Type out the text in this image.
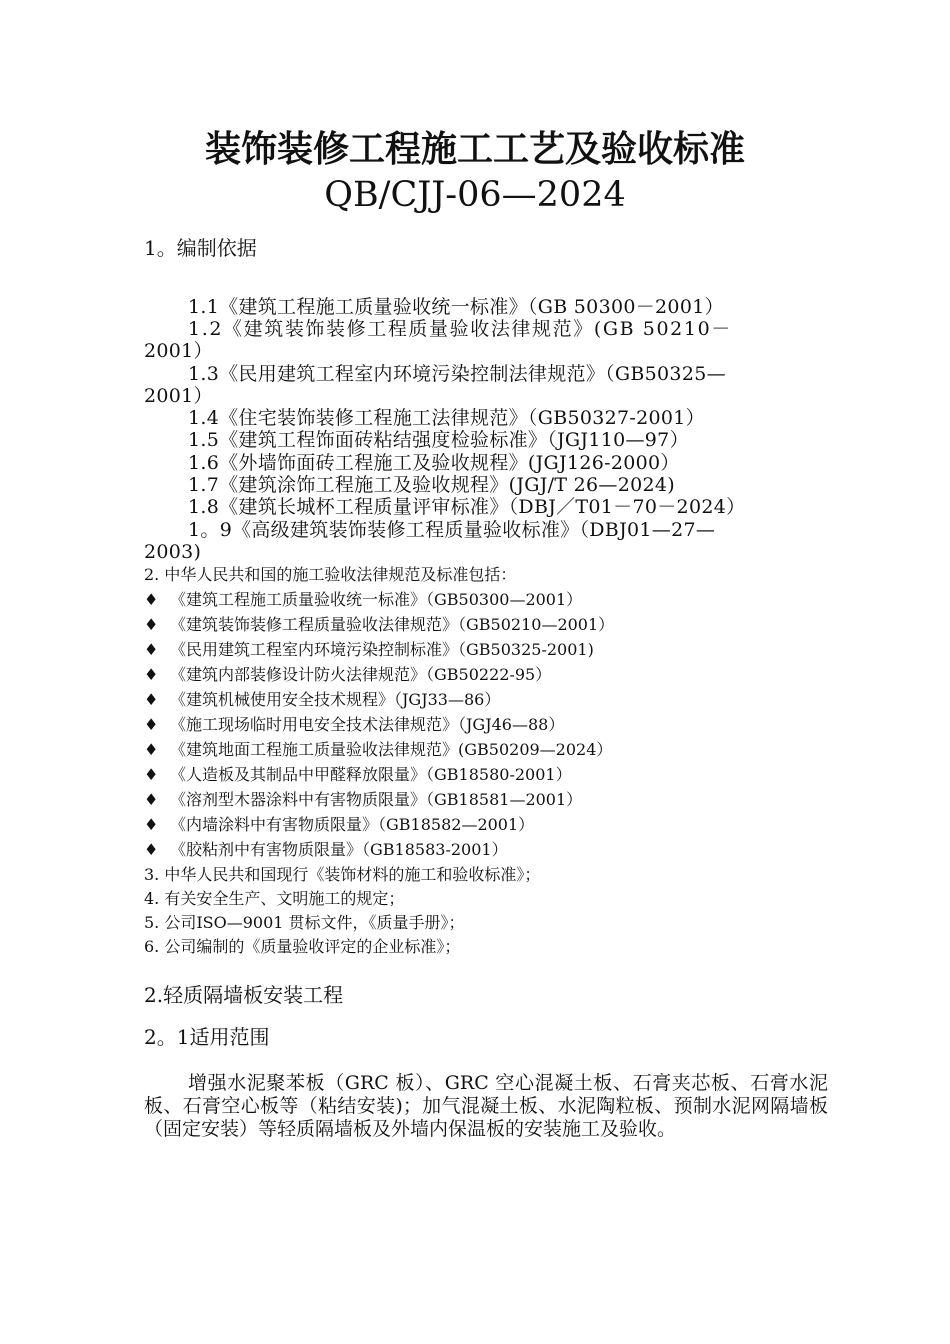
装饰装修工程施工工艺及验收标准
QB/CJJ-06—2024
1。编制依据
1.1《建筑工程施工质量验收统一标准》（GB 50300－2001）
1.2《建筑装饰装修工程质量验收法律规范》(GB 50210－
2001）
1.3《民用建筑工程室内环境污染控制法律规范》（GB50325—
2001）
1.4《住宅装饰装修工程施工法律规范》（GB50327-2001）
1.5《建筑工程饰面砖粘结强度检验标准》（JGJ110—97）
1.6《外墙饰面砖工程施工及验收规程》(JGJ126-2000）
1.7《建筑涂饰工程施工及验收规程》(JGJ/T 26—2024)
1.8《建筑长城杯工程质量评审标准》（DBJ／T01－70－2024）
1。9《高级建筑装饰装修工程质量验收标准》（DBJ01—27—
2003)
2. 中华人民共和国的施工验收法律规范及标准包括：
♦ 《建筑工程施工质量验收统一标准》（GB50300—2001）
♦ 《建筑装饰装修工程质量验收法律规范》（GB50210—2001）
♦ 《民用建筑工程室内环境污染控制标准》（GB50325-2001)
♦ 《建筑内部装修设计防火法律规范》（GB50222-95）
♦ 《建筑机械使用安全技术规程》（JGJ33—86）
♦ 《施工现场临时用电安全技术法律规范》（JGJ46—88）
♦ 《建筑地面工程施工质量验收法律规范》(GB50209—2024）
♦ 《人造板及其制品中甲醛释放限量》（GB18580-2001）
♦ 《溶剂型木器涂料中有害物质限量》（GB18581—2001）
♦ 《内墙涂料中有害物质限量》（GB18582—2001）
♦ 《胶粘剂中有害物质限量》（GB18583-2001）
3. 中华人民共和国现行《装饰材料的施工和验收标准》；
4. 有关安全生产、文明施工的规定；
5. 公司ISO—9001 贯标文件，《质量手册》；
6. 公司编制的《质量验收评定的企业标准》；
2.轻质隔墙板安装工程
2。1适用范围
增强水泥聚苯板（GRC 板）、GRC 空心混凝土板、石膏夹芯板、石膏水泥板、石膏空心板等（粘结安装)；加气混凝土板、水泥陶粒板、预制水泥网隔墙板（固定安装）等轻质隔墙板及外墙内保温板的安装施工及验收。
